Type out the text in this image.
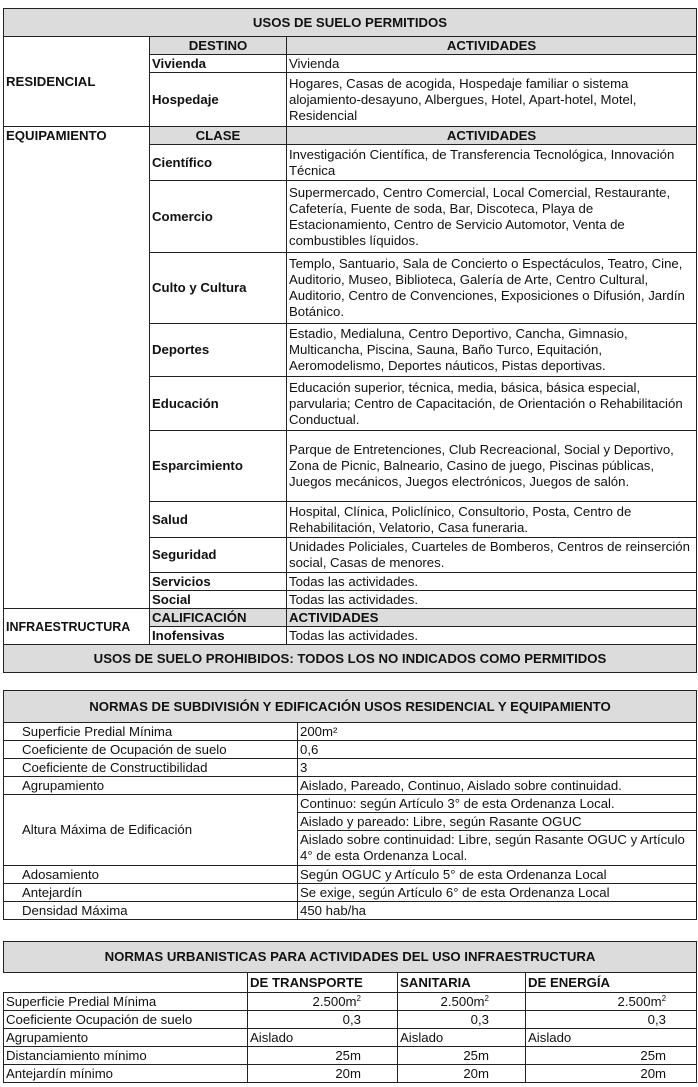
USOS DE SUELO PERMITIDOS		
RESIDENCIAL	DESTINO	ACTIVIDADES
	Vivienda	Vivienda
	Hospedaje	Hogares, Casas de acogida, Hospedaje familiar o sistema alojamiento-desayuno, Albergues, Hotel, Apart-hotel, Motel, Residencial
EQUIPAMIENTO	CLASE	ACTIVIDADES
	Científico	Investigación Científica, de Transferencia Tecnológica, Innovación Técnica
	Comercio	Supermercado, Centro Comercial, Local Comercial, Restaurante, Cafetería, Fuente de soda, Bar, Discoteca, Playa de Estacionamiento, Centro de Servicio Automotor, Venta de combustibles líquidos.
	Culto y Cultura	Templo, Santuario, Sala de Concierto o Espectáculos, Teatro, Cine, Auditorio, Museo, Biblioteca, Galería de Arte, Centro Cultural, Auditorio, Centro de Convenciones, Exposiciones o Difusión, Jardín Botánico.
	Deportes	Estadio, Medialuna, Centro Deportivo, Cancha, Gimnasio, Multicancha, Piscina, Sauna, Baño Turco, Equitación, Aeromodelismo, Deportes náuticos, Pistas deportivas.
	Educación	Educación superior, técnica, media, básica, básica especial, parvularia; Centro de Capacitación, de Orientación o Rehabilitación Conductual.
	Esparcimiento	Parque de Entretenciones, Club Recreacional, Social y Deportivo, Zona de Picnic, Balneario, Casino de juego, Piscinas públicas, Juegos mecánicos, Juegos electrónicos, Juegos de salón.
	Salud	Hospital, Clínica, Policlínico, Consultorio, Posta, Centro de Rehabilitación, Velatorio, Casa funeraria.
	Seguridad	Unidades Policiales, Cuarteles de Bomberos, Centros de reinserción social, Casas de menores.
	Servicios	Todas las actividades.
	Social	Todas las actividades.
INFRAESTRUCTURA	CALIFICACIÓN	ACTIVIDADES
	Inofensivas	Todas las actividades.
USOS DE SUELO PROHIBIDOS: TODOS LOS NO INDICADOS COMO PERMITIDOS		
NORMAS DE SUBDIVISIÓN Y EDIFICACIÓN USOS RESIDENCIAL Y EQUIPAMIENTO	
Superficie Predial Mínima	200m²
Coeficiente de Ocupación de suelo	0,6
Coeficiente de Constructibilidad	3
Agrupamiento	Aislado, Pareado, Continuo, Aislado sobre continuidad.
Altura Máxima de Edificación	Continuo: según Artículo 3° de esta Ordenanza Local.
	Aislado y pareado: Libre, según Rasante OGUC
	Aislado sobre continuidad: Libre, según Rasante OGUC y Artículo 4° de esta Ordenanza Local.
Adosamiento	Según OGUC y Artículo 5° de esta Ordenanza Local
Antejardín	Se exige, según Artículo 6° de esta Ordenanza Local
Densidad Máxima	450 hab/ha
NORMAS URBANISTICAS PARA ACTIVIDADES DEL USO INFRAESTRUCTURA			
	DE TRANSPORTE	SANITARIA	DE ENERGÍA
Superficie Predial Mínima	$2.500m^2$	$2.500m^2$	$2.500m^2$
Coeficiente Ocupación de suelo	0,3	0,3	0,3
Agrupamiento	Aislado	Aislado	Aislado
Distanciamiento mínimo	25m	25m	25m
Antejardín mínimo	20m	20m	20m
